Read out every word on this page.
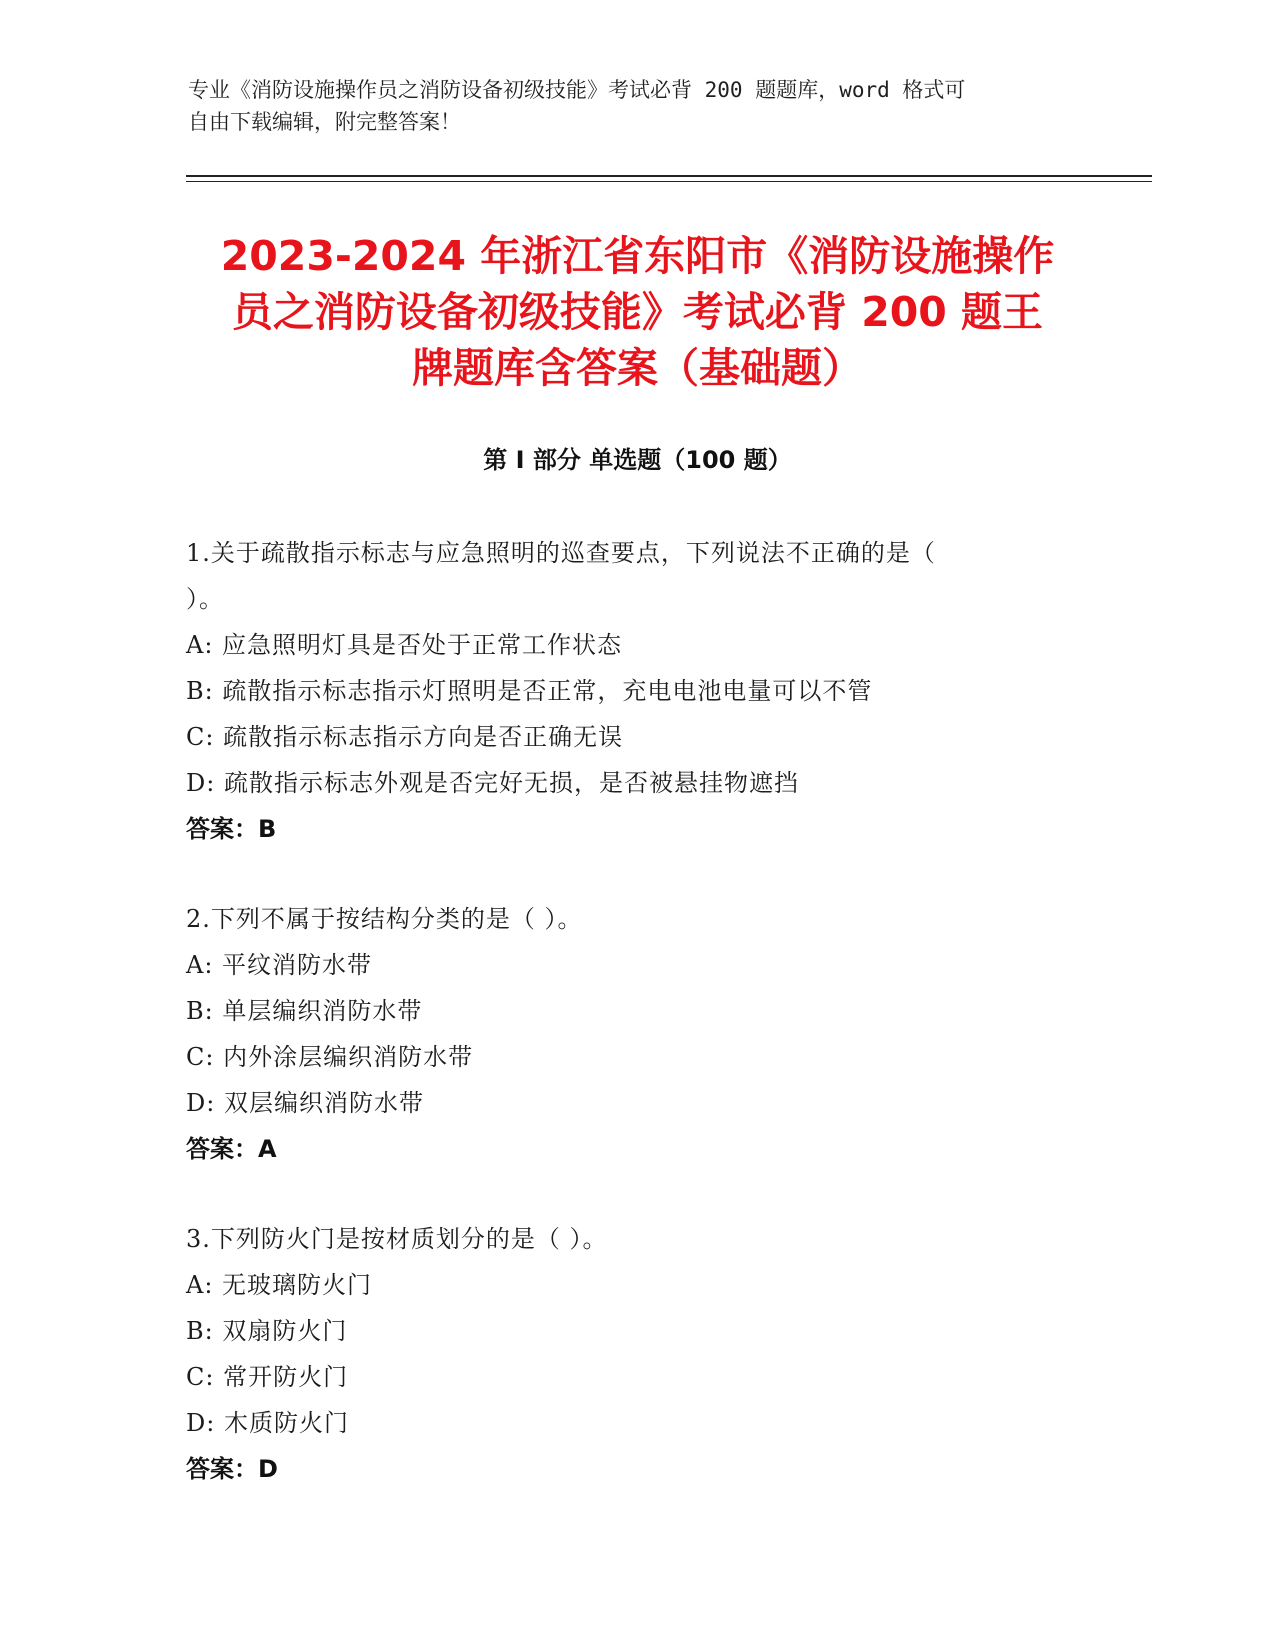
专业《消防设施操作员之消防设备初级技能》考试必背 200 题题库，word 格式可
自由下载编辑，附完整答案！
2023-2024 年浙江省东阳市《消防设施操作
员之消防设备初级技能》考试必背 200 题王
牌题库含答案（基础题）
第 I 部分 单选题（100 题）
1.关于疏散指示标志与应急照明的巡查要点，下列说法不正确的是（
）。
A: 应急照明灯具是否处于正常工作状态
B: 疏散指示标志指示灯照明是否正常，充电电池电量可以不管
C: 疏散指示标志指示方向是否正确无误
D: 疏散指示标志外观是否完好无损，是否被悬挂物遮挡
答案：B
2.下列不属于按结构分类的是（ ）。
A: 平纹消防水带
B: 单层编织消防水带
C: 内外涂层编织消防水带
D: 双层编织消防水带
答案：A
3.下列防火门是按材质划分的是（ ）。
A: 无玻璃防火门
B: 双扇防火门
C: 常开防火门
D: 木质防火门
答案：D
